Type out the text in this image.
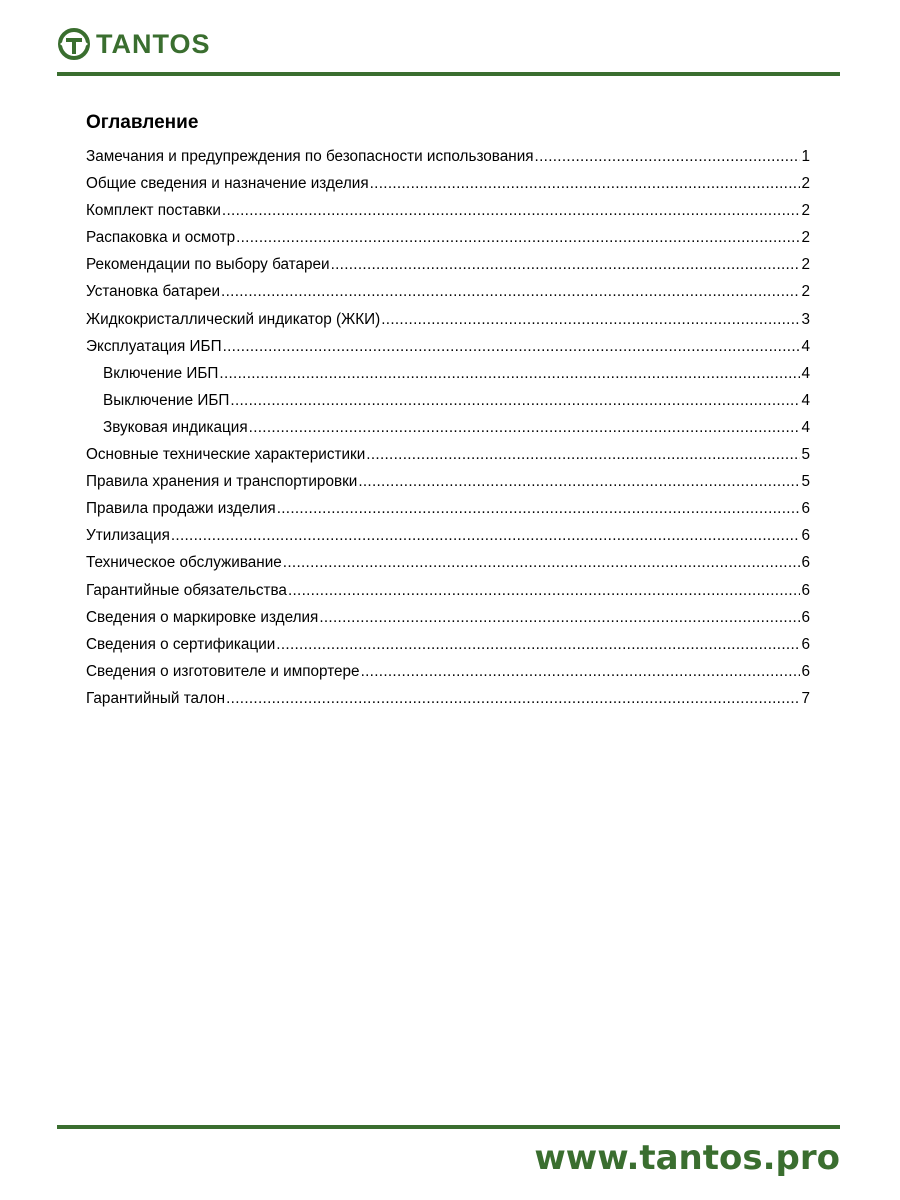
TANTOS
Оглавление
Замечания и предупреждения по безопасности использования .....	1
Общие сведения и назначение изделия .....	2
Комплект поставки .....	2
Распаковка и осмотр .....	2
Рекомендации по выбору батареи .....	2
Установка батареи .....	2
Жидкокристаллический индикатор (ЖКИ) .....	3
Эксплуатация ИБП .....	4
Включение ИБП .....	4
Выключение ИБП .....	4
Звуковая индикация .....	4
Основные технические характеристики .....	5
Правила хранения и транспортировки .....	5
Правила продажи изделия .....	6
Утилизация .....	6
Техническое обслуживание .....	6
Гарантийные обязательства .....	6
Сведения о маркировке изделия .....	6
Сведения о сертификации .....	6
Сведения о изготовителе и импортере .....	6
Гарантийный талон .....	7
www.tantos.pro
